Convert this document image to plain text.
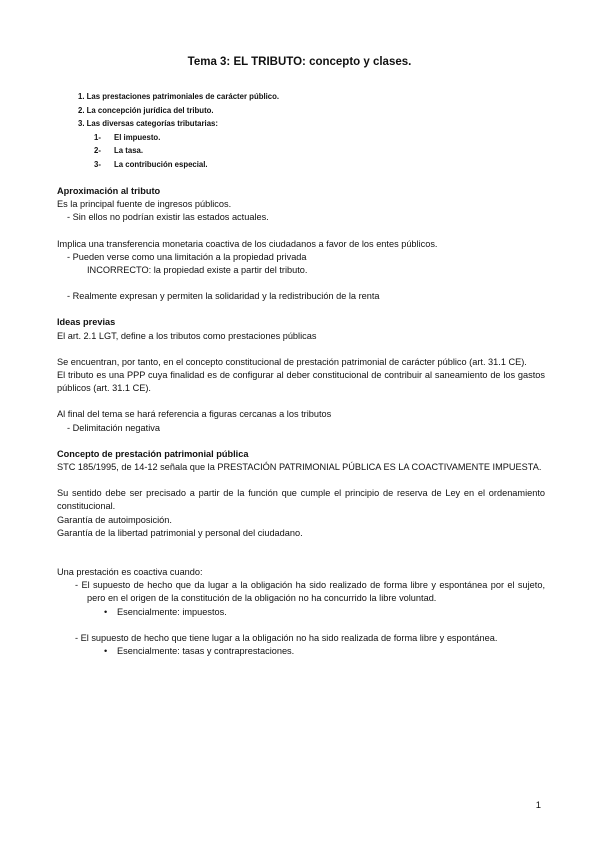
Tema 3: EL TRIBUTO: concepto y clases.
1. Las prestaciones patrimoniales de carácter público.
2. La concepción jurídica del tributo.
3. Las diversas categorías tributarias:
1- El impuesto.
2- La tasa.
3- La contribución especial.

Aproximación al tributo

Es la principal fuente de ingresos públicos.

- Sin ellos no podrían existir las estados actuales.

Implica una transferencia monetaria coactiva de los ciudadanos a favor de los entes públicos.

- Pueden verse como una limitación a la propiedad privada

INCORRECTO: la propiedad existe a partir del tributo.

- Realmente expresan y permiten la solidaridad y la redistribución de la renta

Ideas previas

El art. 2.1 LGT, define a los tributos como prestaciones públicas

Se encuentran, por tanto, en el concepto constitucional de prestación patrimonial de carácter público (art. 31.1 CE).

El tributo es una PPP cuya finalidad es de configurar al deber constitucional de contribuir al saneamiento de los gastos públicos (art. 31.1 CE).

Al final del tema se hará referencia a figuras cercanas a los tributos

- Delimitación negativa

Concepto de prestación patrimonial pública

STC 185/1995, de 14-12 señala que la PRESTACIÓN PATRIMONIAL PÚBLICA ES LA COACTIVAMENTE IMPUESTA.

Su sentido debe ser precisado a partir de la función que cumple el principio de reserva de Ley en el ordenamiento constitucional.

Garantía de autoimposición.

Garantía de la libertad patrimonial y personal del ciudadano.

Una prestación es coactiva cuando:

- El supuesto de hecho que da lugar a la obligación ha sido realizado de forma libre y espontánea por el sujeto, pero en el origen de la constitución de la obligación no ha concurrido la libre voluntad.

• Esencialmente: impuestos.

- El supuesto de hecho que tiene lugar a la obligación no ha sido realizada de forma libre y espontánea.

• Esencialmente: tasas y contraprestaciones.

1
